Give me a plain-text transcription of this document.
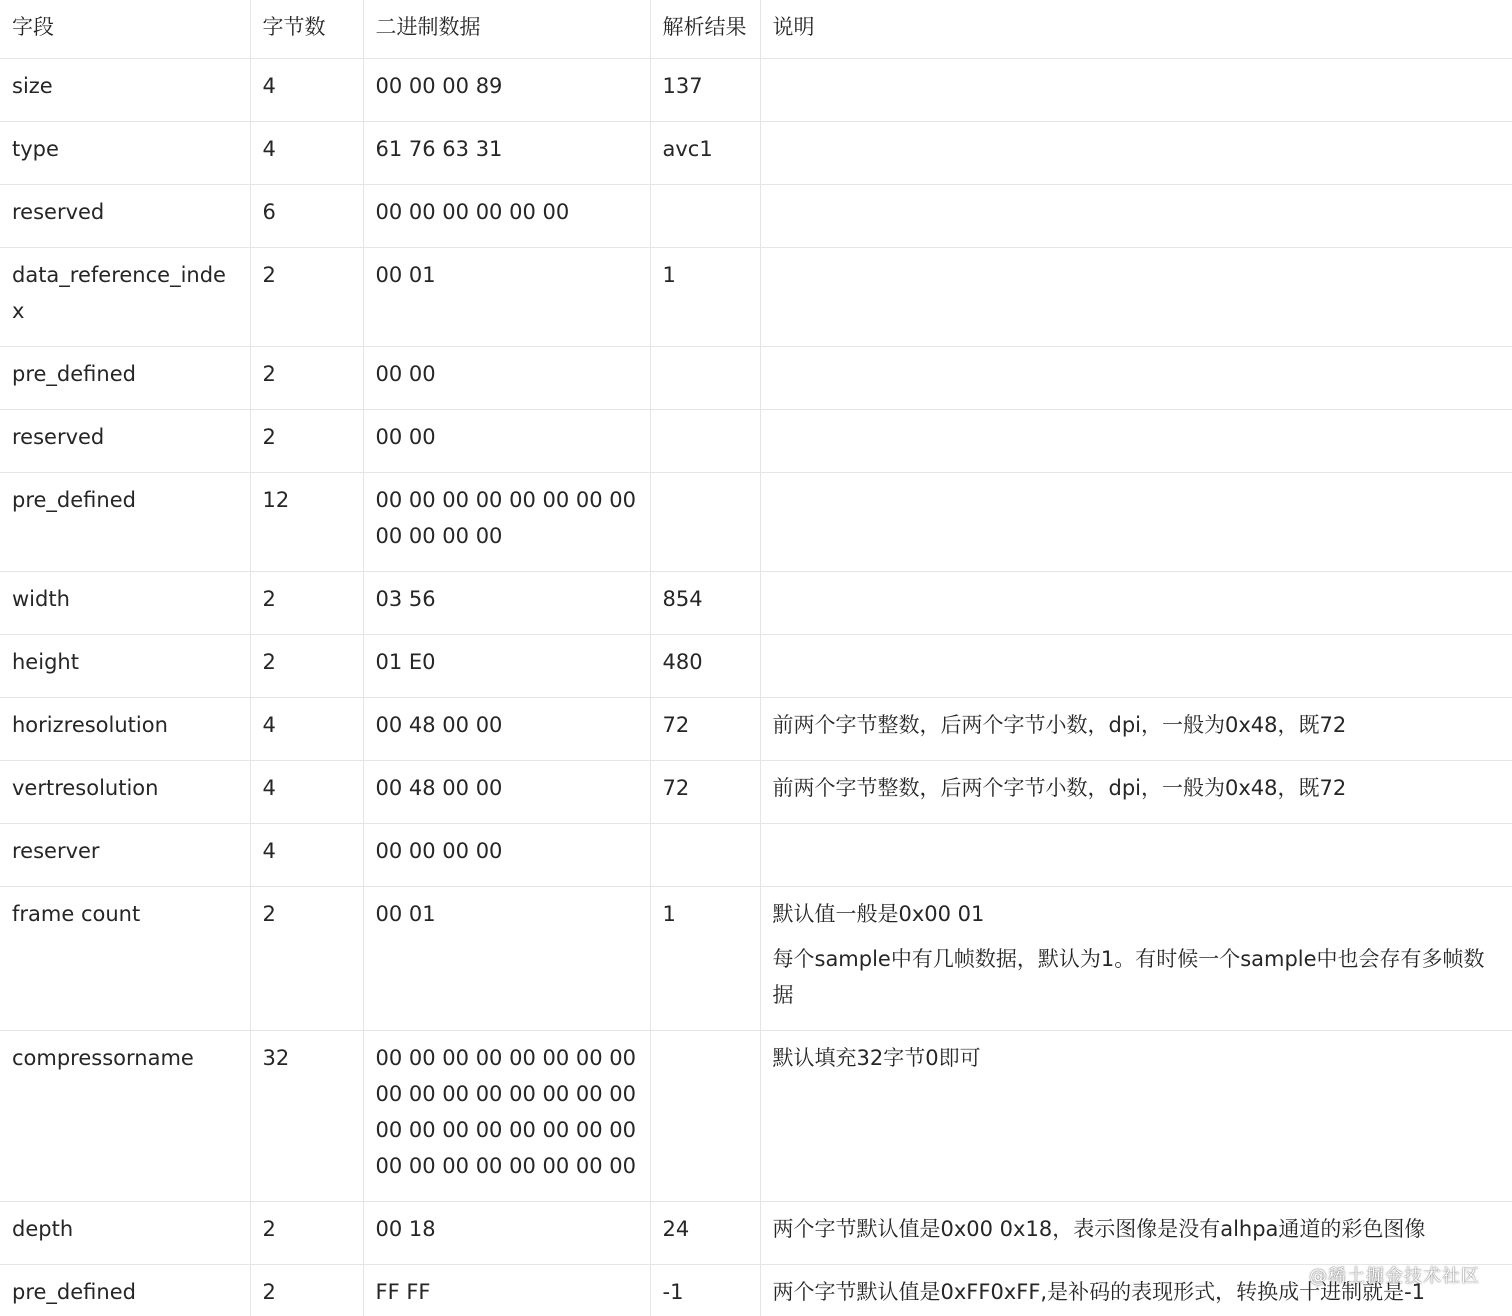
字段	字节数	二进制数据	解析结果	说明
size	4	00 00 00 89	137	
type	4	61 76 63 31	avc1	
reserved	6	00 00 00 00 00 00		

data_reference_index	2	00 01	1	
pre_defined	2	00 00		

reserved	2	00 00		

pre_defined	12	00 00 00 00 00 00 00 00
00 00 00 00		

width	2	03 56	854	
height	2	01 E0	480	
horizresolution	4	00 48 00 00	72	前两个字节整数，后两个字节小数，dpi，一般为0x48，既72

vertresolution	4	00 48 00 00	72	前两个字节整数，后两个字节小数，dpi，一般为0x48，既72

reserver	4	00 00 00 00		

frame count	2	00 01	1	默认值一般是0x00 01
每个sample中有几帧数据，默认为1。有时候一个sample中也会存有多帧数据

compressorname	32	00 00 00 00 00 00 00 00
00 00 00 00 00 00 00 00
00 00 00 00 00 00 00 00
00 00 00 00 00 00 00 00		默认填充32字节0即可

depth	2	00 18	24	两个字节默认值是0x00 0x18，表示图像是没有alhpa通道的彩色图像

pre_defined	2	FF FF	-1	两个字节默认值是0xFF0xFF,是补码的表现形式，转换成十进制就是-1
@稀土掘金技术社区
